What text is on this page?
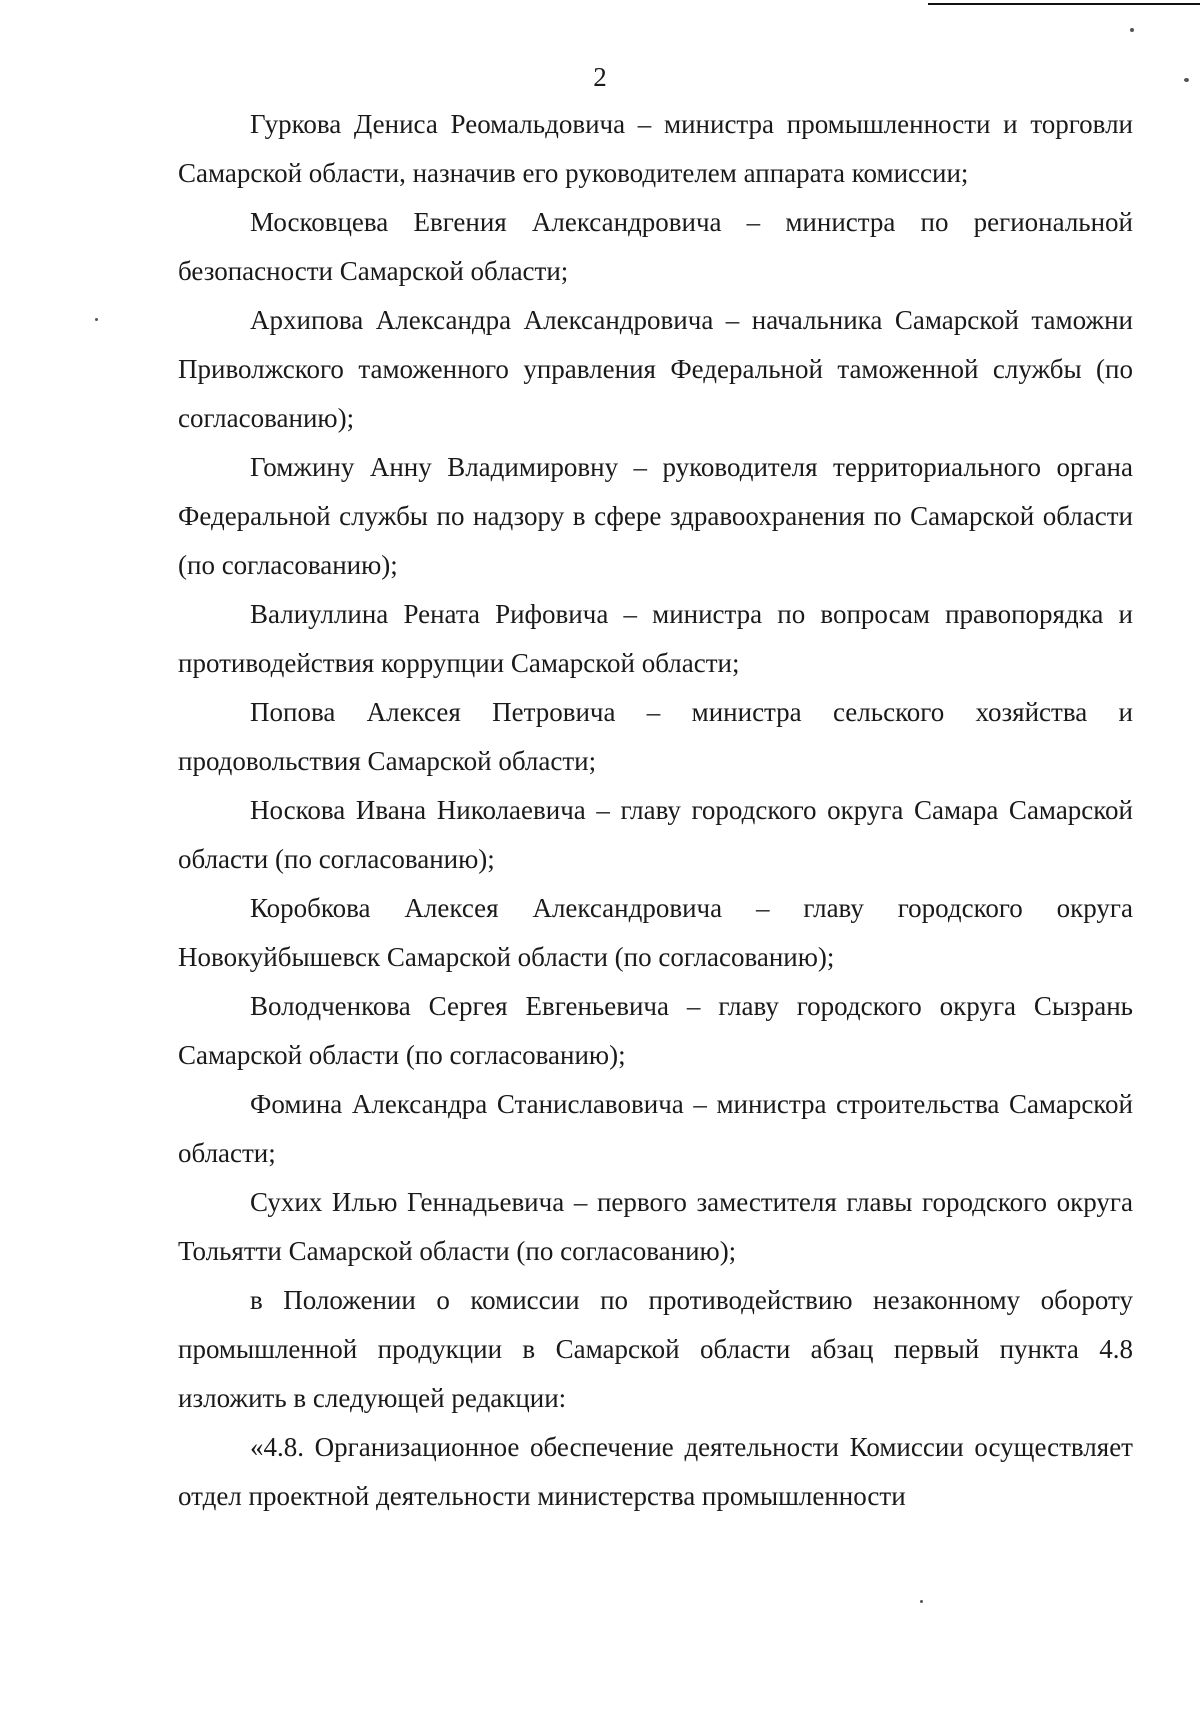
2

Гуркова Дениса Реомальдовича – министра промышленности и торговли Самарской области, назначив его руководителем аппарата комиссии;

Московцева Евгения Александровича – министра по региональной безопасности Самарской области;

Архипова Александра Александровича – начальника Самарской таможни Приволжского таможенного управления Федеральной таможенной службы (по согласованию);

Гомжину Анну Владимировну – руководителя территориального органа Федеральной службы по надзору в сфере здравоохранения по Самарской области (по согласованию);

Валиуллина Рената Рифовича – министра по вопросам правопорядка и противодействия коррупции Самарской области;

Попова Алексея Петровича – министра сельского хозяйства и продовольствия Самарской области;

Носкова Ивана Николаевича – главу городского округа Самара Самарской области (по согласованию);

Коробкова Алексея Александровича – главу городского округа Новокуйбышевск Самарской области (по согласованию);

Володченкова Сергея Евгеньевича – главу городского округа Сызрань Самарской области (по согласованию);

Фомина Александра Станиславовича – министра строительства Самарской области;

Сухих Илью Геннадьевича – первого заместителя главы городского округа Тольятти Самарской области (по согласованию);

в Положении о комиссии по противодействию незаконному обороту промышленной продукции в Самарской области абзац первый пункта 4.8 изложить в следующей редакции:

«4.8. Организационное обеспечение деятельности Комиссии осуществляет отдел проектной деятельности министерства промышленности
